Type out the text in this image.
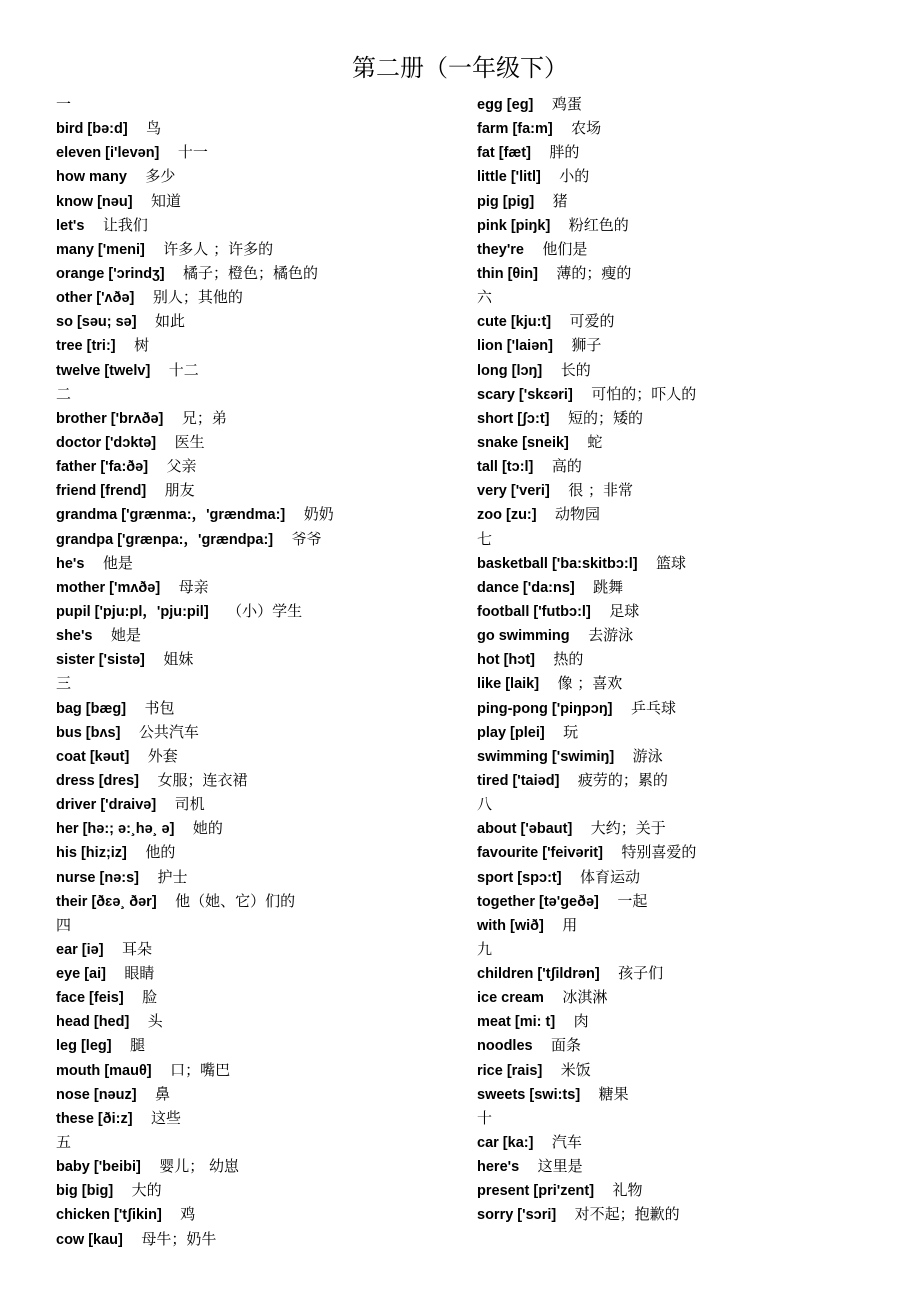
第二册（一年级下）
一
bird [bə:d] 鸟
eleven [i'levən] 十一
how many 多少
know [nəu] 知道
let's 让我们
many ['meni] 许多人 ；许多的
orange ['ɔrindʒ] 橘子；橙色；橘色的
other ['ʌðə] 别人；其他的
so [səu; sə] 如此
tree [tri:] 树
twelve [twelv] 十二
二
brother ['brʌðə] 兄；弟
doctor ['dɔktə] 医生
father ['fa:ðə] 父亲
friend [frend] 朋友
grandma ['grænma:，'grændma:] 奶奶
grandpa ['grænpa:，'grændpa:] 爷爷
he's 他是
mother ['mʌðə] 母亲
pupil ['pju:pl，'pju:pil] （小）学生
she's 她是
sister ['sistə] 姐妹
三
bag [bæg] 书包
bus [bʌs] 公共汽车
coat [kəut] 外套
dress [dres] 女服；连衣裙
driver ['draivə] 司机
her [hə:; ə:¸hə¸ ə] 她的
his [hiz;iz] 他的
nurse [nə:s] 护士
their [ðɛə¸ ðər] 他（她、它）们的
四
ear [iə] 耳朵
eye [ai] 眼睛
face [feis] 脸
head [hed] 头
leg [leg] 腿
mouth [mauθ] 口；嘴巴
nose [nəuz] 鼻
these [ði:z] 这些
五
baby ['beibi] 婴儿； 幼崽
big [big] 大的
chicken ['tʃikin] 鸡
cow [kau] 母牛；奶牛
egg [eg] 鸡蛋
farm [fa:m] 农场
fat [fæt] 胖的
little ['litl] 小的
pig [pig] 猪
pink [piŋk] 粉红色的
they're 他们是
thin [θin] 薄的；瘦的
六
cute [kju:t] 可爱的
lion ['laiən] 狮子
long [lɔŋ] 长的
scary ['skεəri] 可怕的；吓人的
short [ʃɔ:t] 短的；矮的
snake [sneik] 蛇
tall [tɔ:l] 高的
very ['veri] 很 ；非常
zoo [zu:] 动物园
七
basketball ['ba:skitbɔ:l] 篮球
dance ['da:ns] 跳舞
football ['futbɔ:l] 足球
go swimming 去游泳
hot [hɔt] 热的
like [laik] 像 ；喜欢
ping-pong ['piŋpɔŋ] 乒乓球
play [plei] 玩
swimming ['swimiŋ] 游泳
tired ['taiəd] 疲劳的；累的
八
about ['əbaut] 大约；关于
favourite ['feivərit] 特别喜爱的
sport [spɔ:t] 体育运动
together [tə'geðə] 一起
with [wið] 用
九
children ['tʃildrən] 孩子们
ice cream 冰淇淋
meat [mi: t] 肉
noodles 面条
rice [rais] 米饭
sweets [swi:ts] 糖果
十
car [ka:] 汽车
here's 这里是
present [pri'zent] 礼物
sorry ['sɔri] 对不起；抱歉的
